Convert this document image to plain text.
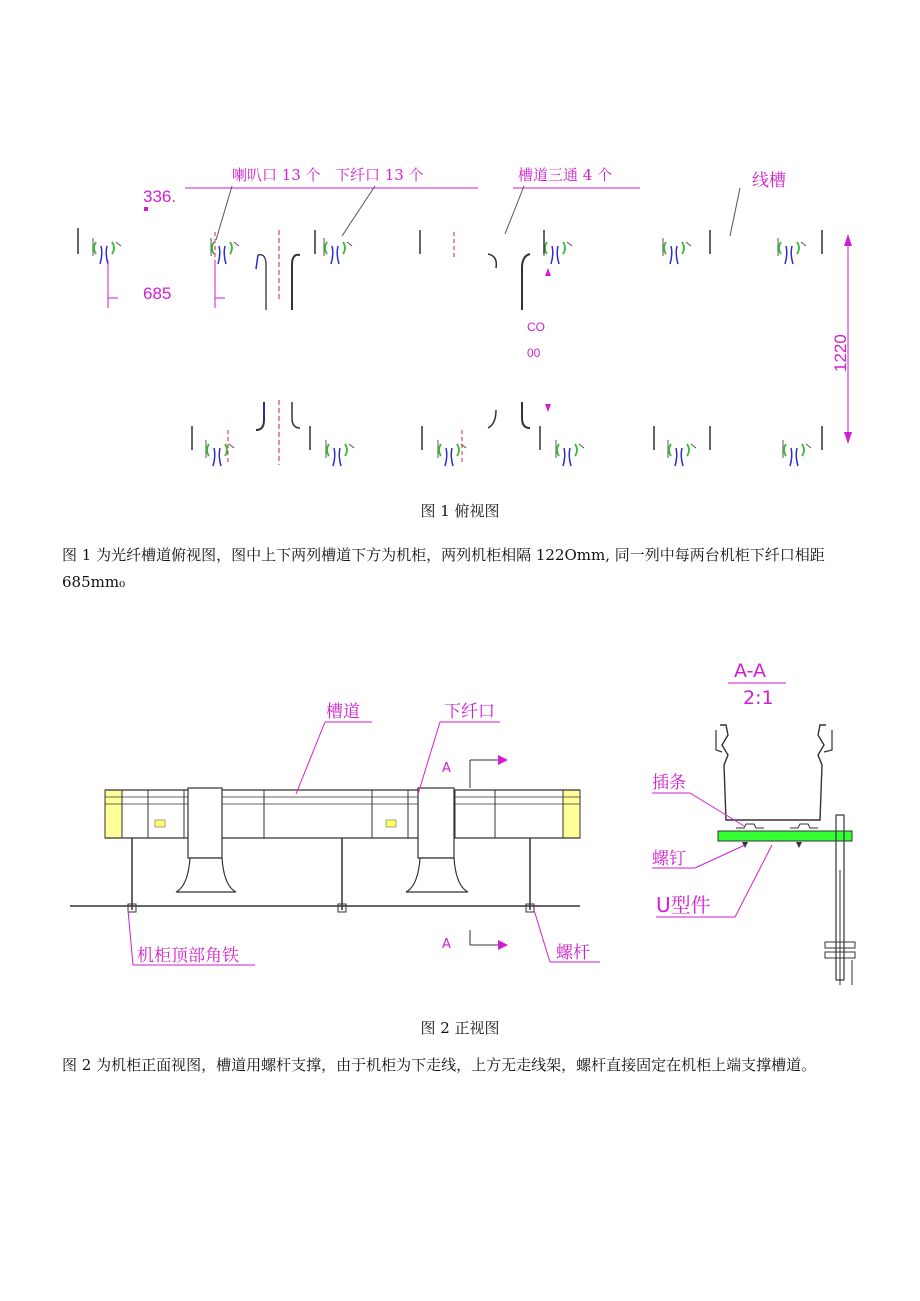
喇叭口 13 个 下纤口 13 个	槽道三通 4 个	线槽
336.
685
CO
00	1220
图 1 俯视图
图 1 为光纤槽道俯视图，图中上下两列槽道下方为机柜，两列机柜相隔 122Omm, 同一列中每两台机柜下纤口相距 685mm₀
槽道	下纤口
A-A
2:1
A
A
插条
螺钉
U型件
机柜顶部角铁	螺杆
图 2 正视图
图 2 为机柜正面视图，槽道用螺杆支撑，由于机柜为下走线，上方无走线架，螺杆直接固定在机柜上端支撑槽道。
